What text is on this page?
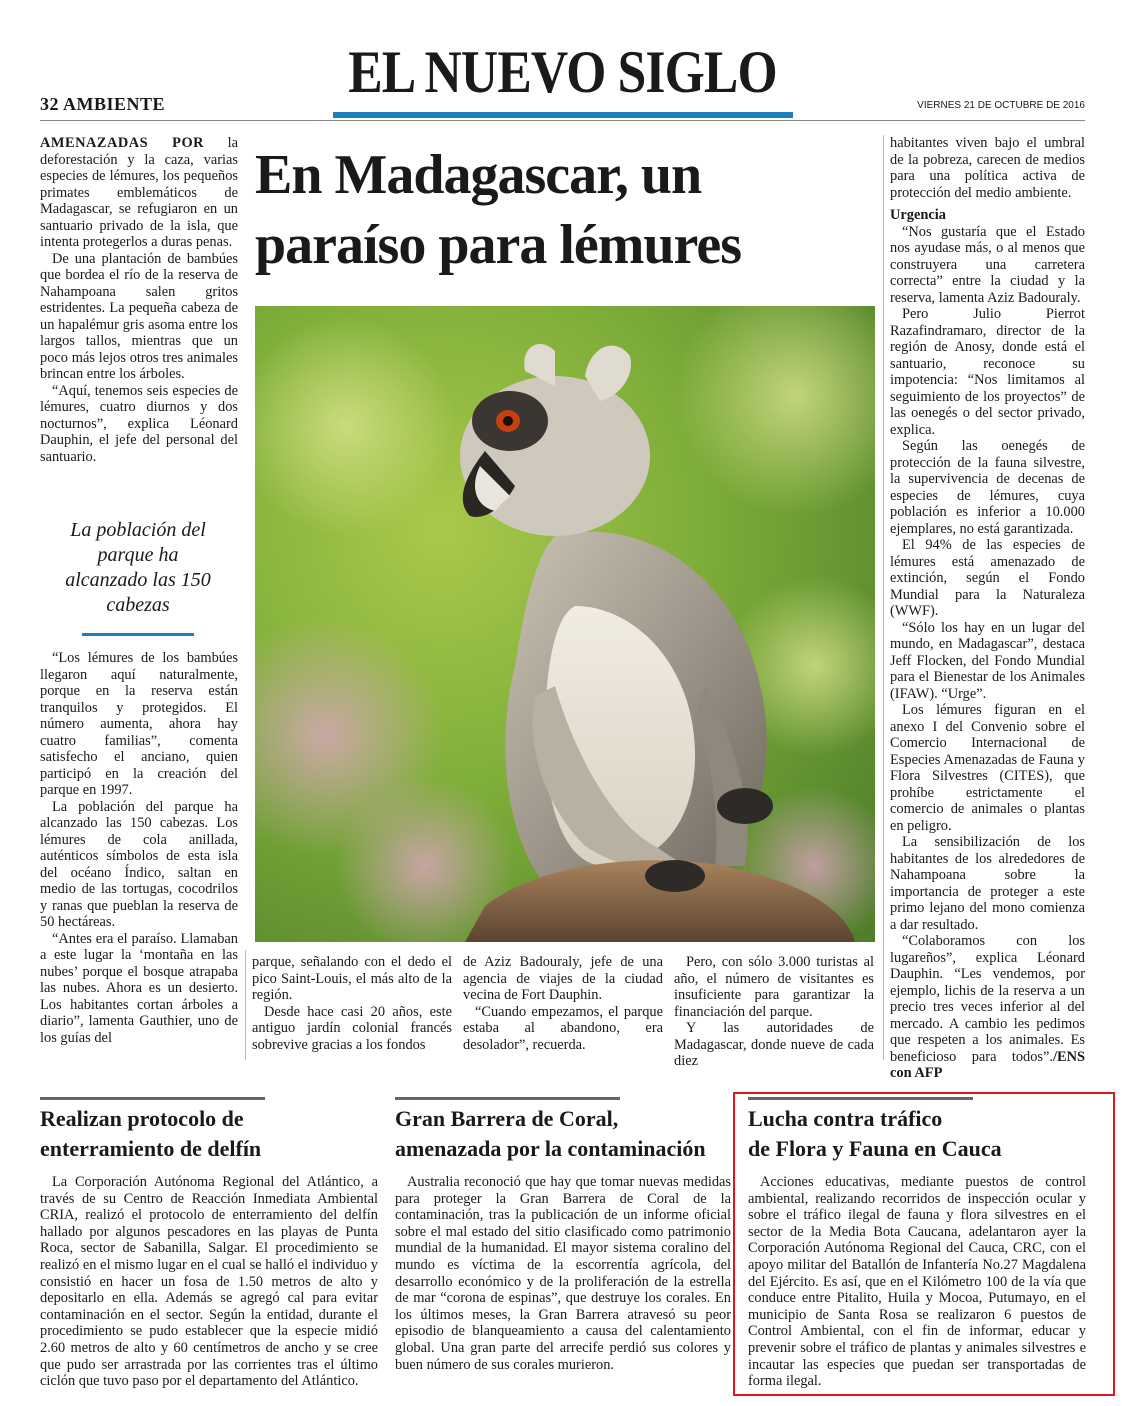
EL NUEVO SIGLO
32 AMBIENTE	VIERNES 21 DE OCTUBRE DE 2016
En Madagascar, un
paraíso para lémures

AMENAZADAS POR la deforestación y la caza, varias especies de lémures, los pequeños primates emblemáticos de Madagascar, se refugiaron en un santuario privado de la isla, que intenta protegerlos a duras penas.

De una plantación de bambúes que bordea el río de la reserva de Nahampoana salen gritos estridentes. La pequeña cabeza de un hapalémur gris asoma entre los largos tallos, mientras que un poco más lejos otros tres animales brincan entre los árboles.

“Aquí, tenemos seis especies de lémures, cuatro diurnos y dos nocturnos”, explica Léonard Dauphin, el jefe del personal del santuario.

La población del parque ha alcanzado las 150 cabezas

“Los lémures de los bambúes llegaron aquí naturalmente, porque en la reserva están tranquilos y protegidos. El número aumenta, ahora hay cuatro familias”, comenta satisfecho el anciano, quien participó en la creación del parque en 1997.

La población del parque ha alcanzado las 150 cabezas. Los lémures de cola anillada, auténticos símbolos de esta isla del océano Índico, saltan en medio de las tortugas, cocodrilos y ranas que pueblan la reserva de 50 hectáreas.

“Antes era el paraíso. Llamaban a este lugar la ‘montaña en las nubes’ porque el bosque atrapaba las nubes. Ahora es un desierto. Los habitantes cortan árboles a diario”, lamenta Gauthier, uno de los guías del

parque, señalando con el dedo el pico Saint-Louis, el más alto de la región.

Desde hace casi 20 años, este antiguo jardín colonial francés sobrevive gracias a los fondos

de Aziz Badouraly, jefe de una agencia de viajes de la ciudad vecina de Fort Dauphin.

“Cuando empezamos, el parque estaba al abandono, era desolador”, recuerda.

Pero, con sólo 3.000 turistas al año, el número de visitantes es insuficiente para garantizar la financiación del parque.

Y las autoridades de Madagascar, donde nueve de cada diez

habitantes viven bajo el umbral de la pobreza, carecen de medios para una política activa de protección del medio ambiente.

Urgencia

“Nos gustaría que el Estado nos ayudase más, o al menos que construyera una carretera correcta” entre la ciudad y la reserva, lamenta Aziz Badouraly.

Pero Julio Pierrot Razafindramaro, director de la región de Anosy, donde está el santuario, reconoce su impotencia: “Nos limitamos al seguimiento de los proyectos” de las oenegés o del sector privado, explica.

Según las oenegés de protección de la fauna silvestre, la supervivencia de decenas de especies de lémures, cuya población es inferior a 10.000 ejemplares, no está garantizada.

El 94% de las especies de lémures está amenazado de extinción, según el Fondo Mundial para la Naturaleza (WWF).

“Sólo los hay en un lugar del mundo, en Madagascar”, destaca Jeff Flocken, del Fondo Mundial para el Bienestar de los Animales (IFAW). “Urge”.

Los lémures figuran en el anexo I del Convenio sobre el Comercio Internacional de Especies Amenazadas de Fauna y Flora Silvestres (CITES), que prohíbe estrictamente el comercio de animales o plantas en peligro.

La sensibilización de los habitantes de los alrededores de Nahampoana sobre la importancia de proteger a este primo lejano del mono comienza a dar resultado.

“Colaboramos con los lugareños”, explica Léonard Dauphin. “Les vendemos, por ejemplo, lichis de la reserva a un precio tres veces inferior al del mercado. A cambio les pedimos que respeten a los animales. Es beneficioso para todos”./ENS con AFP

Realizan protocolo de
enterramiento de delfín

La Corporación Autónoma Regional del Atlántico, a través de su Centro de Reacción Inmediata Ambiental CRIA, realizó el protocolo de enterramiento del delfín hallado por algunos pescadores en las playas de Punta Roca, sector de Sabanilla, Salgar. El procedimiento se realizó en el mismo lugar en el cual se halló el individuo y consistió en hacer un fosa de 1.50 metros de alto y depositarlo en ella. Además se agregó cal para evitar contaminación en el sector. Según la entidad, durante el procedimiento se pudo establecer que la especie midió 2.60 metros de alto y 60 centímetros de ancho y se cree que pudo ser arrastrada por las corrientes tras el último ciclón que tuvo paso por el departamento del Atlántico.

Gran Barrera de Coral,
amenazada por la contaminación

Australia reconoció que hay que tomar nuevas medidas para proteger la Gran Barrera de Coral de la contaminación, tras la publicación de un informe oficial sobre el mal estado del sitio clasificado como patrimonio mundial de la humanidad. El mayor sistema coralino del mundo es víctima de la escorrentía agrícola, del desarrollo económico y de la proliferación de la estrella de mar “corona de espinas”, que destruye los corales. En los últimos meses, la Gran Barrera atravesó su peor episodio de blanqueamiento a causa del calentamiento global. Una gran parte del arrecife perdió sus colores y buen número de sus corales murieron.

Lucha contra tráfico
de Flora y Fauna en Cauca

Acciones educativas, mediante puestos de control ambiental, realizando recorridos de inspección ocular y sobre el tráfico ilegal de fauna y flora silvestres en el sector de la Media Bota Caucana, adelantaron ayer la Corporación Autónoma Regional del Cauca, CRC, con el apoyo militar del Batallón de Infantería No.27 Magdalena del Ejército. Es así, que en el Kilómetro 100 de la vía que conduce entre Pitalito, Huila y Mocoa, Putumayo, en el municipio de Santa Rosa se realizaron 6 puestos de Control Ambiental, con el fin de informar, educar y prevenir sobre el tráfico de plantas y animales silvestres e incautar las especies que puedan ser transportadas de forma ilegal.
